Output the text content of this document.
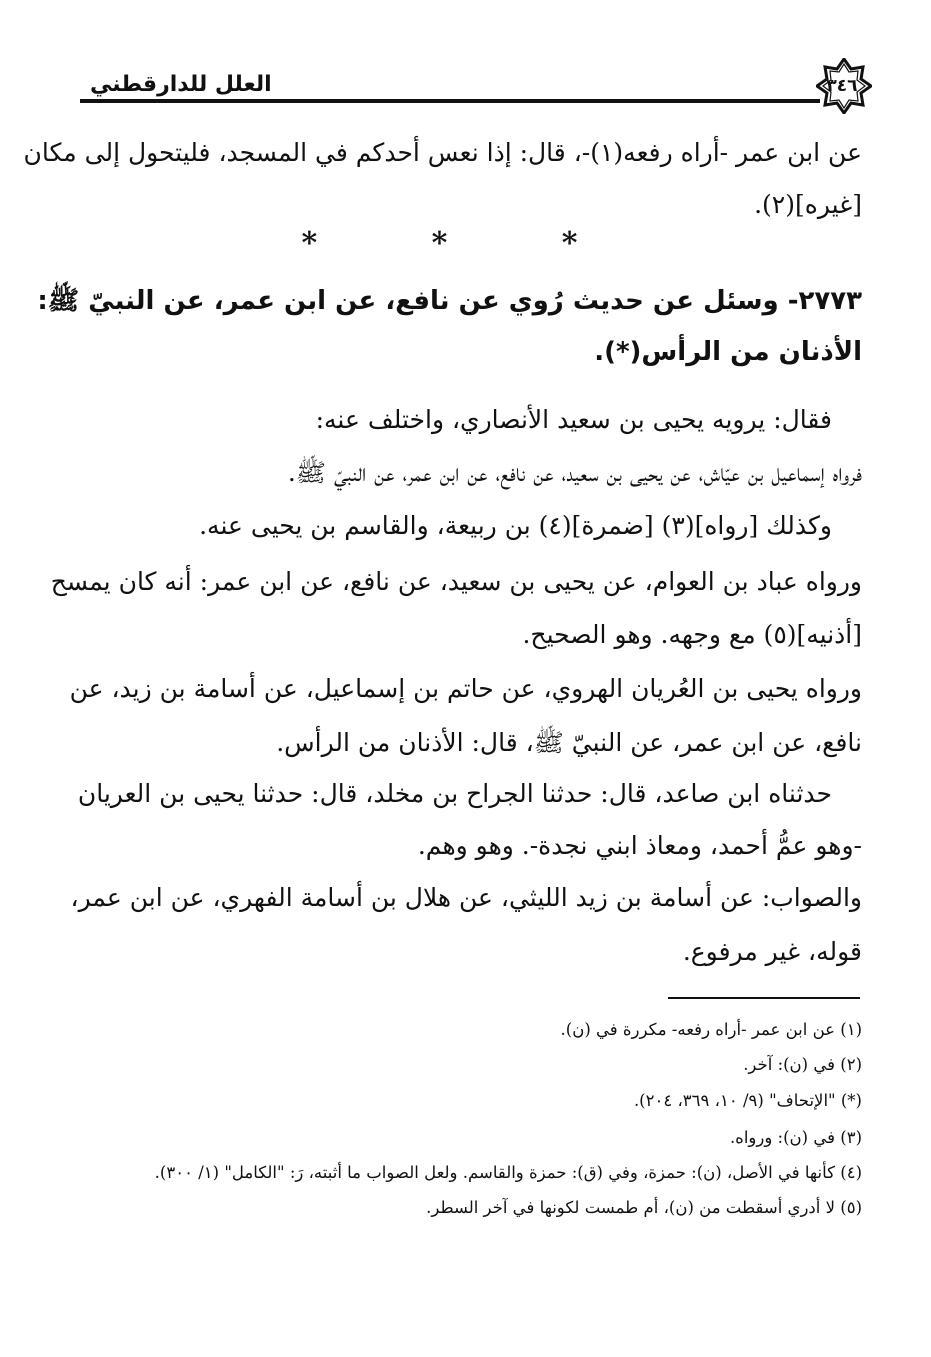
العلل للدارقطني	٣٤٦
عن ابن عمر -أراه رفعه(١)-، قال: إذا نعس أحدكم في المسجد، فليتحول إلى مكان
[غيره](٢).
* * *
٢٧٧٣- وسئل عن حديث رُوي عن نافع، عن ابن عمر، عن النبيّ ﷺ:
الأذنان من الرأس(*).
فقال: يرويه يحيى بن سعيد الأنصاري، واختلف عنه:
فرواه إسماعيل بن عيّاش، عن يحيى بن سعيد، عن نافع، عن ابن عمر، عن النبيّ ﷺ.
وكذلك [رواه](٣) [ضمرة](٤) بن ربيعة، والقاسم بن يحيى عنه.
ورواه عباد بن العوام، عن يحيى بن سعيد، عن نافع، عن ابن عمر: أنه كان يمسح
[أذنيه](٥) مع وجهه. وهو الصحيح.
ورواه يحيى بن العُريان الهروي، عن حاتم بن إسماعيل، عن أسامة بن زيد، عن
نافع، عن ابن عمر، عن النبيّ ﷺ، قال: الأذنان من الرأس.
حدثناه ابن صاعد، قال: حدثنا الجراح بن مخلد، قال: حدثنا يحيى بن العريان
-وهو عمُّ أحمد، ومعاذ ابني نجدة-. وهو وهم.
والصواب: عن أسامة بن زيد الليثي، عن هلال بن أسامة الفهري، عن ابن عمر،
قوله، غير مرفوع.
(١) عن ابن عمر -أراه رفعه- مكررة في (ن).
(٢) في (ن): آخر.
(*) "الإتحاف" (٩/ ١٠، ٣٦٩، ٢٠٤).
(٣) في (ن): ورواه.
(٤) كأنها في الأصل، (ن): حمزة، وفي (ق): حمزة والقاسم. ولعل الصواب ما أثبته، رَ: "الكامل" (١/ ٣٠٠).
(٥) لا أدري أسقطت من (ن)، أم طمست لكونها في آخر السطر.
